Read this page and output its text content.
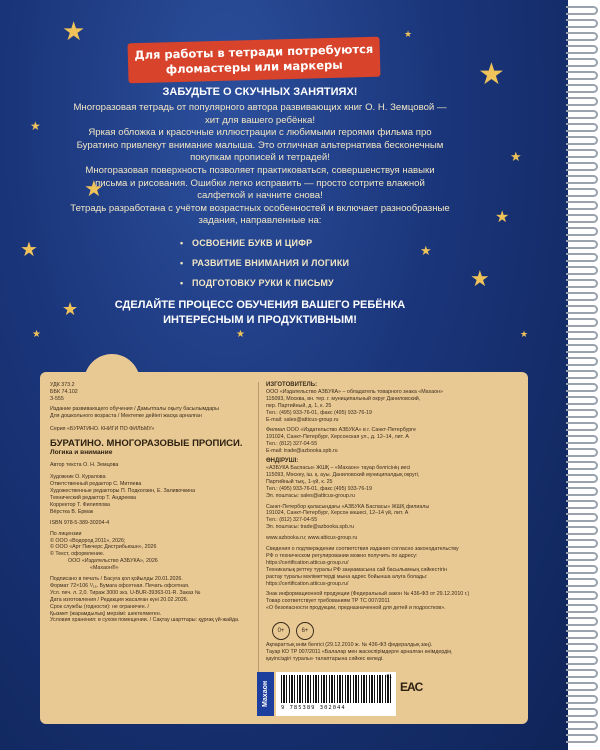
★
★
★
★
★
★
★
★
★
★
★
★	★	★
Для работы в тетради потребуются
фломастеры или маркеры
ЗАБУДЬТЕ О СКУЧНЫХ ЗАНЯТИЯХ!
Многоразовая тетрадь от популярного автора развивающих книг О. Н. Земцовой — хит для вашего ребёнка!
Яркая обложка и красочные иллюстрации с любимыми героями фильма про Буратино привлекут внимание малыша. Это отличная альтернатива бесконечным покупкам прописей и тетрадей!
Многоразовая поверхность позволяет практиковаться, совершенствуя навыки письма и рисования. Ошибки легко исправить — просто сотрите влажной салфеткой и начните снова!
Тетрадь разработана с учётом возрастных особенностей и включает разнообразные задания, направленные на:
• ОСВОЕНИЕ БУКВ И ЦИФР
• РАЗВИТИЕ ВНИМАНИЯ И ЛОГИКИ
• ПОДГОТОВКУ РУКИ К ПИСЬМУ
СДЕЛАЙТЕ ПРОЦЕСС ОБУЧЕНИЯ ВАШЕГО РЕБЁНКА
ИНТЕРЕСНЫМ И ПРОДУКТИВНЫМ!

УДК 373.2

ББК 74.102

З-555

Издание развивающего обучения / Дамытпалы оқыту басылымдары

Для дошкольного возраста / Мектепке дейінгі жасқа арналған

Серия «БУРАТИНО. КНИГИ ПО ФИЛЬМУ»

БУРАТИНО. МНОГОРАЗОВЫЕ ПРОПИСИ.
Логика и внимание

Автор текста О. Н. Земцова

Художник О. Куралова

Ответственный редактор С. Митяева

Художественные редакторы П. Подколзин, Е. Заливочкина

Технический редактор Т. Андреева

Корректор Т. Филиппова

Вёрстка В. Ермак

ISBN 978-5-389-30204-4

По лицензии

© ООО «Водород 2011», 2026;

© ООО «Арт Пикчерс Дистрибьюшн», 2026

© Текст, оформление.

ООО «Издательство АЗБУКА», 2026

«Махаон®»

Подписано в печать / Басуға қол қойылды 20.01.2026.

Формат 72×106 ¹/₁₆. Бумага офсетная. Печать офсетная.

Усл. печ. л. 2,0. Тираж 3000 экз. U-BUR-39363-01-R. Заказ №

Дата изготовления / Редакция жасалған күні 20.02.2026.

Срок службы (годности): не ограничен. /

Қызмет (жарамдылық) мерзімі: шектелмеген.

Условия хранения: в сухом помещении. / Сақтау шарттары: құрғақ үй-жайда.

ИЗГОТОВИТЕЛЬ:

ООО «Издательство АЗБУКА» – обладатель товарного знака «Махаон»

115093, Москва, вн. тер. г. муниципальный округ Даниловский,

пер. Партийный, д. 1, к. 25

Тел.: (495) 933-76-01, факс (495) 933-76-19

E-mail: sales@atticus-group.ru

Филиал ООО «Издательство АЗБУКА» в г. Санкт-Петербурге

191024, Санкт-Петербург, Херсонская ул., д. 12–14, лит. А

Тел.: (812) 327-04-55

E-mail: trade@azbooka.spb.ru

ӨНДІРУШІ:

«АЗБУКА Баспасы» ЖШҚ – «Махаон» тауар белгісінің иесі

115093, Мәскеу, іш. қ. ауы. Даниловский муниципалдық округі,

Партийный тық., 1-үй, к. 25

Тел.: (495) 933-76-01, факс (495) 933-76-19

Эл. поштасы: sales@atticus-group.ru

Санкт-Петербор қаласындағы «АЗБУКА Баспасы» ЖШҚ филиалы

191024, Санкт-Петербург, Херсон көшесі, 12–14 үй, лит. А

Тел.: (812) 327-04-55

Эл. поштасы: trade@azbooka.spb.ru

www.azbooka.ru; www.atticus-group.ru

Сведения о подтверждении соответствия издания согласно законодательству

РФ о техническом регулировании можно получить по адресу:

https://certification.atticus-group.ru/

Техникалық реттеу туралы РФ заңнамасына сай басылымның сәйкестігін

растау туралы мәліметтерді мына адрес бойынша алуға болады:

https://certification.atticus-group.ru/

Знак информационной продукции (Федеральный закон № 436-ФЗ от 29.12.2010 г.)

Товар соответствует требованиям ТР ТС 007/2011

«О безопасности продукции, предназначенной для детей и подростков».

Ақпараттық өнім белгісі (29.12.2010 ж. № 436-ФЗ федералдық заң).

Тауар КО ТР 007/2011 «Балалар мен жасөспірімдерге арналған өнімдердің

қауіпсіздігі туралы» талаптарына сәйкес келеді.

0+	6+
Махаон
9 785389 302044
01
EAC
